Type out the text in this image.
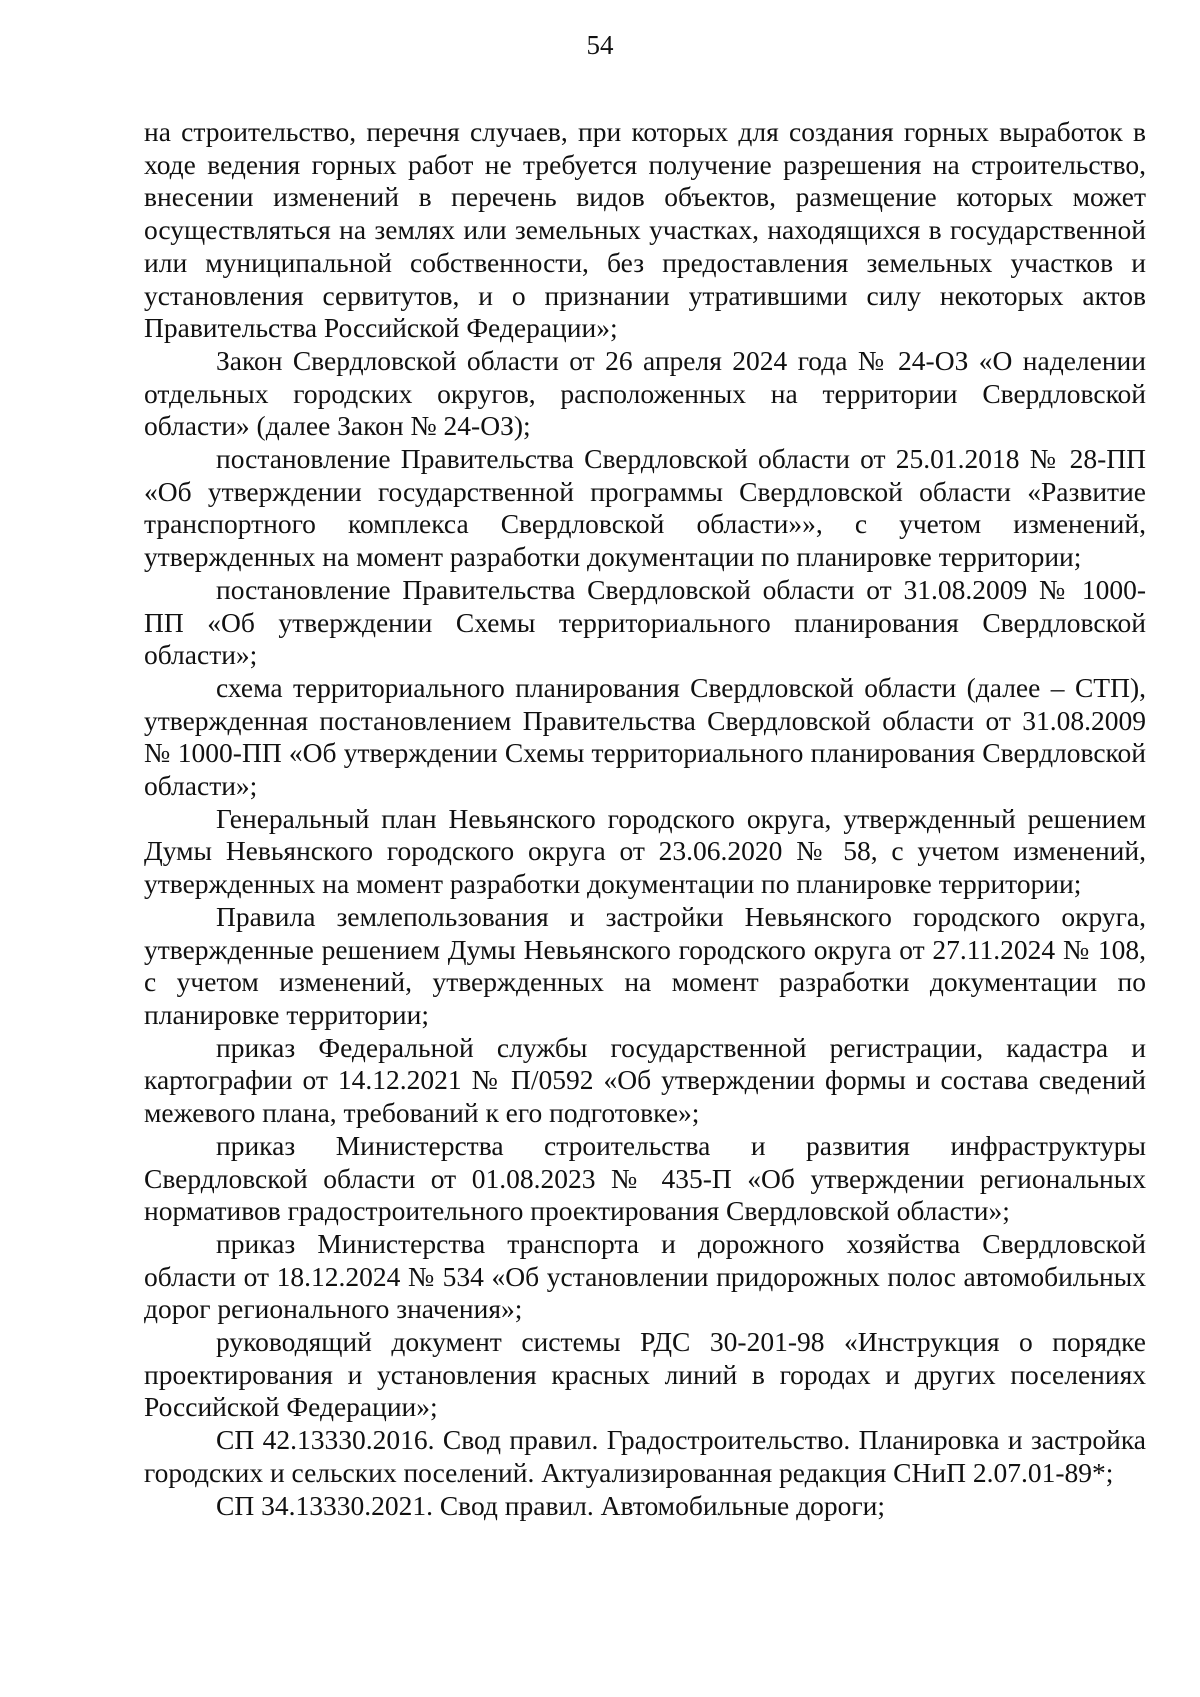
54

на строительство, перечня случаев, при которых для создания горных выработок в ходе ведения горных работ не требуется получение разрешения на строительство, внесении изменений в перечень видов объектов, размещение которых может осуществляться на землях или земельных участках, находящихся в государственной или муниципальной собственности, без предоставления земельных участков и установления сервитутов, и о признании утратившими силу некоторых актов Правительства Российской Федерации»;

Закон Свердловской области от 26 апреля 2024 года № 24-ОЗ «О наделении отдельных городских округов, расположенных на территории Свердловской области» (далее Закон № 24-ОЗ);

постановление Правительства Свердловской области от 25.01.2018 № 28-ПП «Об утверждении государственной программы Свердловской области «Развитие транспортного комплекса Свердловской области»», с учетом изменений, утвержденных на момент разработки документации по планировке территории;

постановление Правительства Свердловской области от 31.08.2009 № 1000-ПП «Об утверждении Схемы территориального планирования Свердловской области»;

схема территориального планирования Свердловской области (далее – СТП), утвержденная постановлением Правительства Свердловской области от 31.08.2009 № 1000-ПП «Об утверждении Схемы территориального планирования Свердловской области»;

Генеральный план Невьянского городского округа, утвержденный решением Думы Невьянского городского округа от 23.06.2020 № 58, с учетом изменений, утвержденных на момент разработки документации по планировке территории;

Правила землепользования и застройки Невьянского городского округа, утвержденные решением Думы Невьянского городского округа от 27.11.2024 № 108, с учетом изменений, утвержденных на момент разработки документации по планировке территории;

приказ Федеральной службы государственной регистрации, кадастра и картографии от 14.12.2021 № П/0592 «Об утверждении формы и состава сведений межевого плана, требований к его подготовке»;

приказ Министерства строительства и развития инфраструктуры Свердловской области от 01.08.2023 № 435-П «Об утверждении региональных нормативов градостроительного проектирования Свердловской области»;

приказ Министерства транспорта и дорожного хозяйства Свердловской области от 18.12.2024 № 534 «Об установлении придорожных полос автомобильных дорог регионального значения»;

руководящий документ системы РДС 30-201-98 «Инструкция о порядке проектирования и установления красных линий в городах и других поселениях Российской Федерации»;

СП 42.13330.2016. Свод правил. Градостроительство. Планировка и застройка городских и сельских поселений. Актуализированная редакция СНиП 2.07.01-89*;

СП 34.13330.2021. Свод правил. Автомобильные дороги;
